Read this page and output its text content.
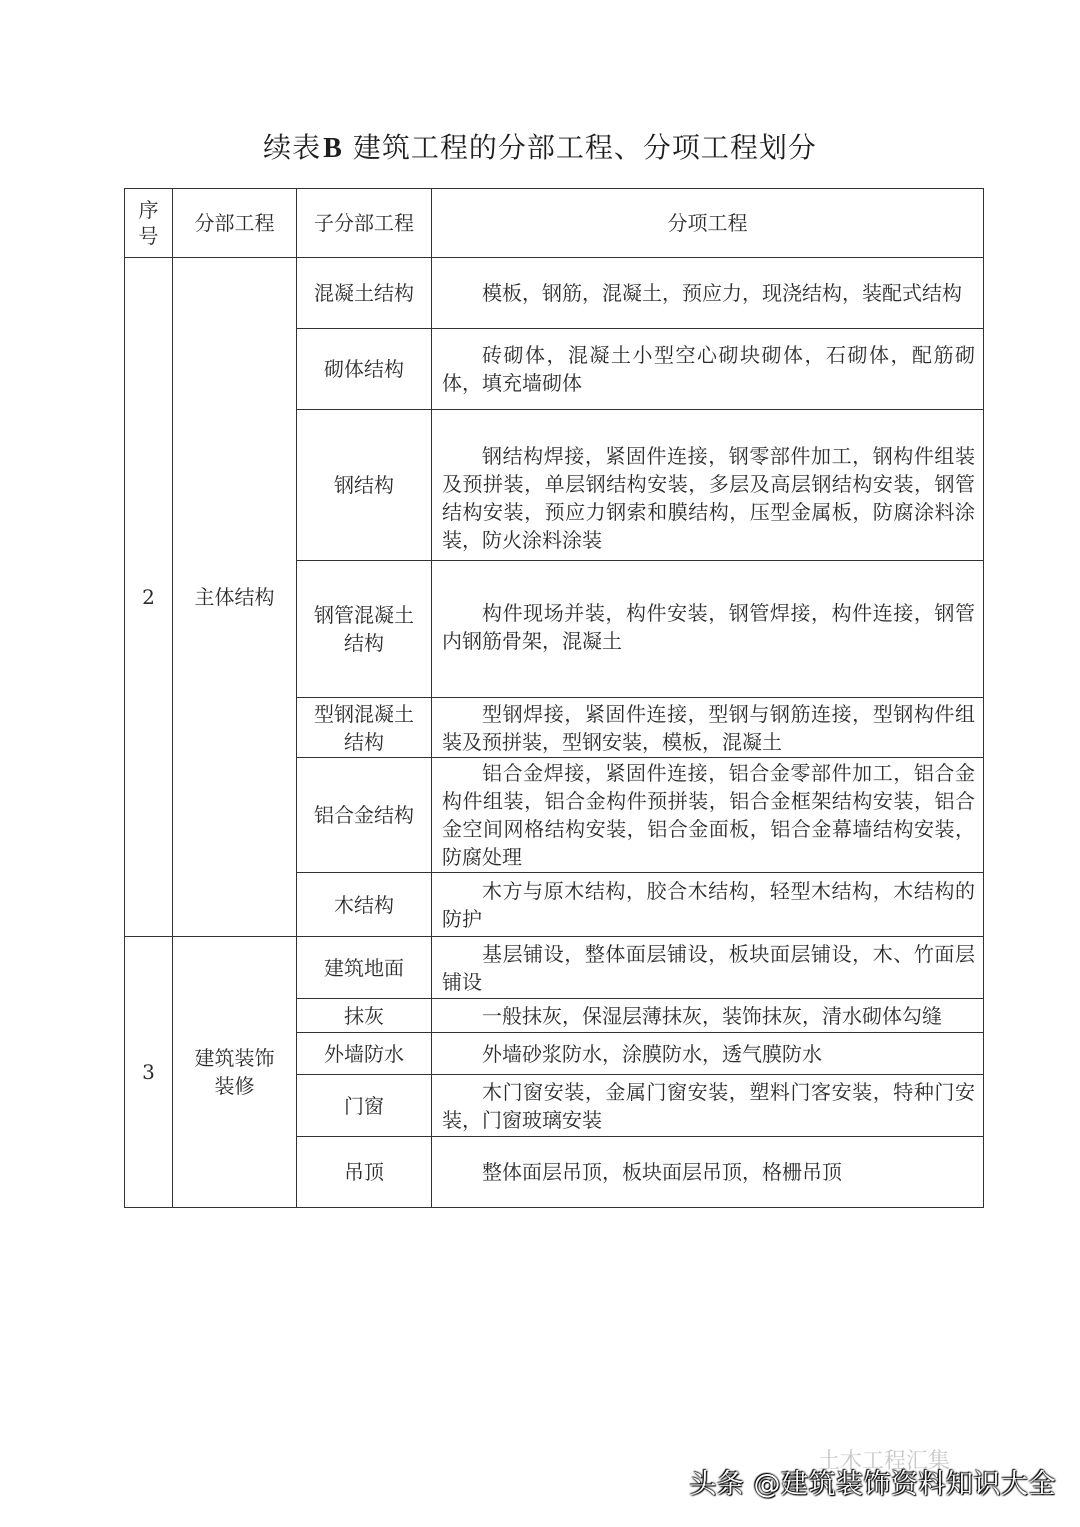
续表B 建筑工程的分部工程、分项工程划分
序号	分部工程	子分部工程	分项工程
2	主体结构	混凝土结构	模板，钢筋，混凝土，预应力，现浇结构，装配式结构

		砌体结构	砖砌体，混凝土小型空心砌块砌体，石砌体，配筋砌体，填充墙砌体

		钢结构	钢结构焊接，紧固件连接，钢零部件加工，钢构件组装及预拼装，单层钢结构安装，多层及高层钢结构安装，钢管结构安装，预应力钢索和膜结构，压型金属板，防腐涂料涂装，防火涂料涂装

		钢管混凝土结构	构件现场并装，构件安装，钢管焊接，构件连接，钢管内钢筋骨架，混凝土

		型钢混凝土结构	型钢焊接，紧固件连接，型钢与钢筋连接，型钢构件组装及预拼装，型钢安装，模板，混凝土

		铝合金结构	铝合金焊接，紧固件连接，铝合金零部件加工，铝合金构件组装，铝合金构件预拼装，铝合金框架结构安装，铝合金空间网格结构安装，铝合金面板，铝合金幕墙结构安装，防腐处理

		木结构	木方与原木结构，胶合木结构，轻型木结构，木结构的防护

3	建筑装饰装修	建筑地面	基层铺设，整体面层铺设，板块面层铺设，木、竹面层铺设

		抹灰	一般抹灰，保湿层薄抹灰，装饰抹灰，清水砌体勾缝

		外墙防水	外墙砂浆防水，涂膜防水，透气膜防水

		门窗	木门窗安装，金属门窗安装，塑料门客安装，特种门安装，门窗玻璃安装

		吊顶	整体面层吊顶，板块面层吊顶，格栅吊顶
土木工程汇集
头条 @建筑装饰资料知识大全
